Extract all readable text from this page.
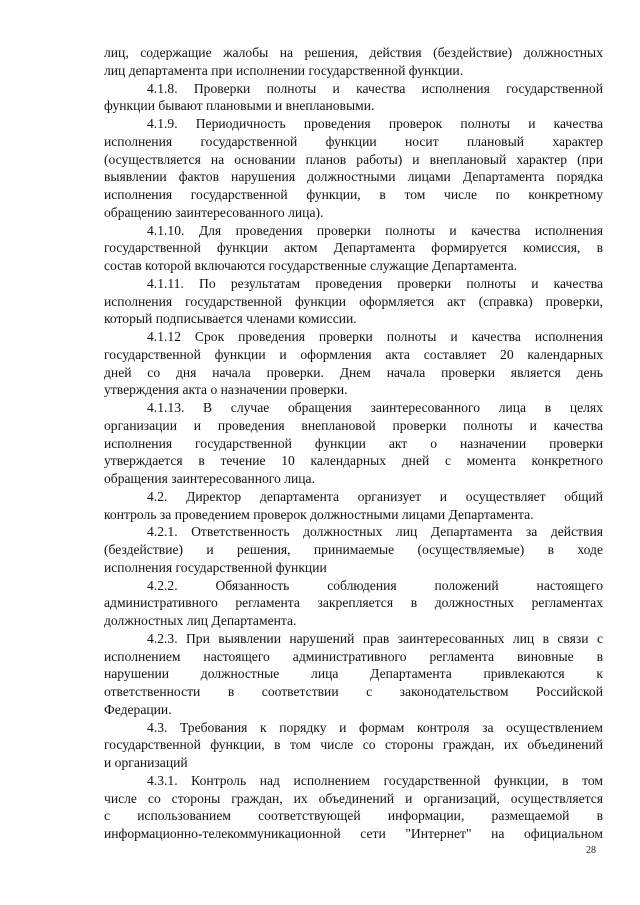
лиц, содержащие жалобы на решения, действия (бездействие) должностных
лиц департамента при исполнении государственной функции.
4.1.8. Проверки полноты и качества исполнения государственной
функции бывают плановыми и внеплановыми.
4.1.9. Периодичность проведения проверок полноты и качества
исполнения государственной функции носит плановый характер
(осуществляется на основании планов работы) и внеплановый характер (при
выявлении фактов нарушения должностными лицами Департамента порядка
исполнения государственной функции, в том числе по конкретному
обращению заинтересованного лица).
4.1.10. Для проведения проверки полноты и качества исполнения
государственной функции актом Департамента формируется комиссия, в
состав которой включаются государственные служащие Департамента.
4.1.11. По результатам проведения проверки полноты и качества
исполнения государственной функции оформляется акт (справка) проверки,
который подписывается членами комиссии.
4.1.12 Срок проведения проверки полноты и качества исполнения
государственной функции и оформления акта составляет 20 календарных
дней со дня начала проверки. Днем начала проверки является день
утверждения акта о назначении проверки.
4.1.13. В случае обращения заинтересованного лица в целях
организации и проведения внеплановой проверки полноты и качества
исполнения государственной функции акт о назначении проверки
утверждается в течение 10 календарных дней с момента конкретного
обращения заинтересованного лица.
4.2. Директор департамента организует и осуществляет общий
контроль за проведением проверок должностными лицами Департамента.
4.2.1. Ответственность должностных лиц Департамента за действия
(бездействие) и решения, принимаемые (осуществляемые) в ходе
исполнения государственной функции
4.2.2. Обязанность соблюдения положений настоящего
административного регламента закрепляется в должностных регламентах
должностных лиц Департамента.
4.2.3. При выявлении нарушений прав заинтересованных лиц в связи с
исполнением настоящего административного регламента виновные в
нарушении должностные лица Департамента привлекаются к
ответственности в соответствии с законодательством Российской
Федерации.
4.3. Требования к порядку и формам контроля за осуществлением
государственной функции, в том числе со стороны граждан, их объединений
и организаций
4.3.1. Контроль над исполнением государственной функции, в том
числе со стороны граждан, их объединений и организаций, осуществляется
с использованием соответствующей информации, размещаемой в
информационно-телекоммуникационной сети "Интернет" на официальном
28
